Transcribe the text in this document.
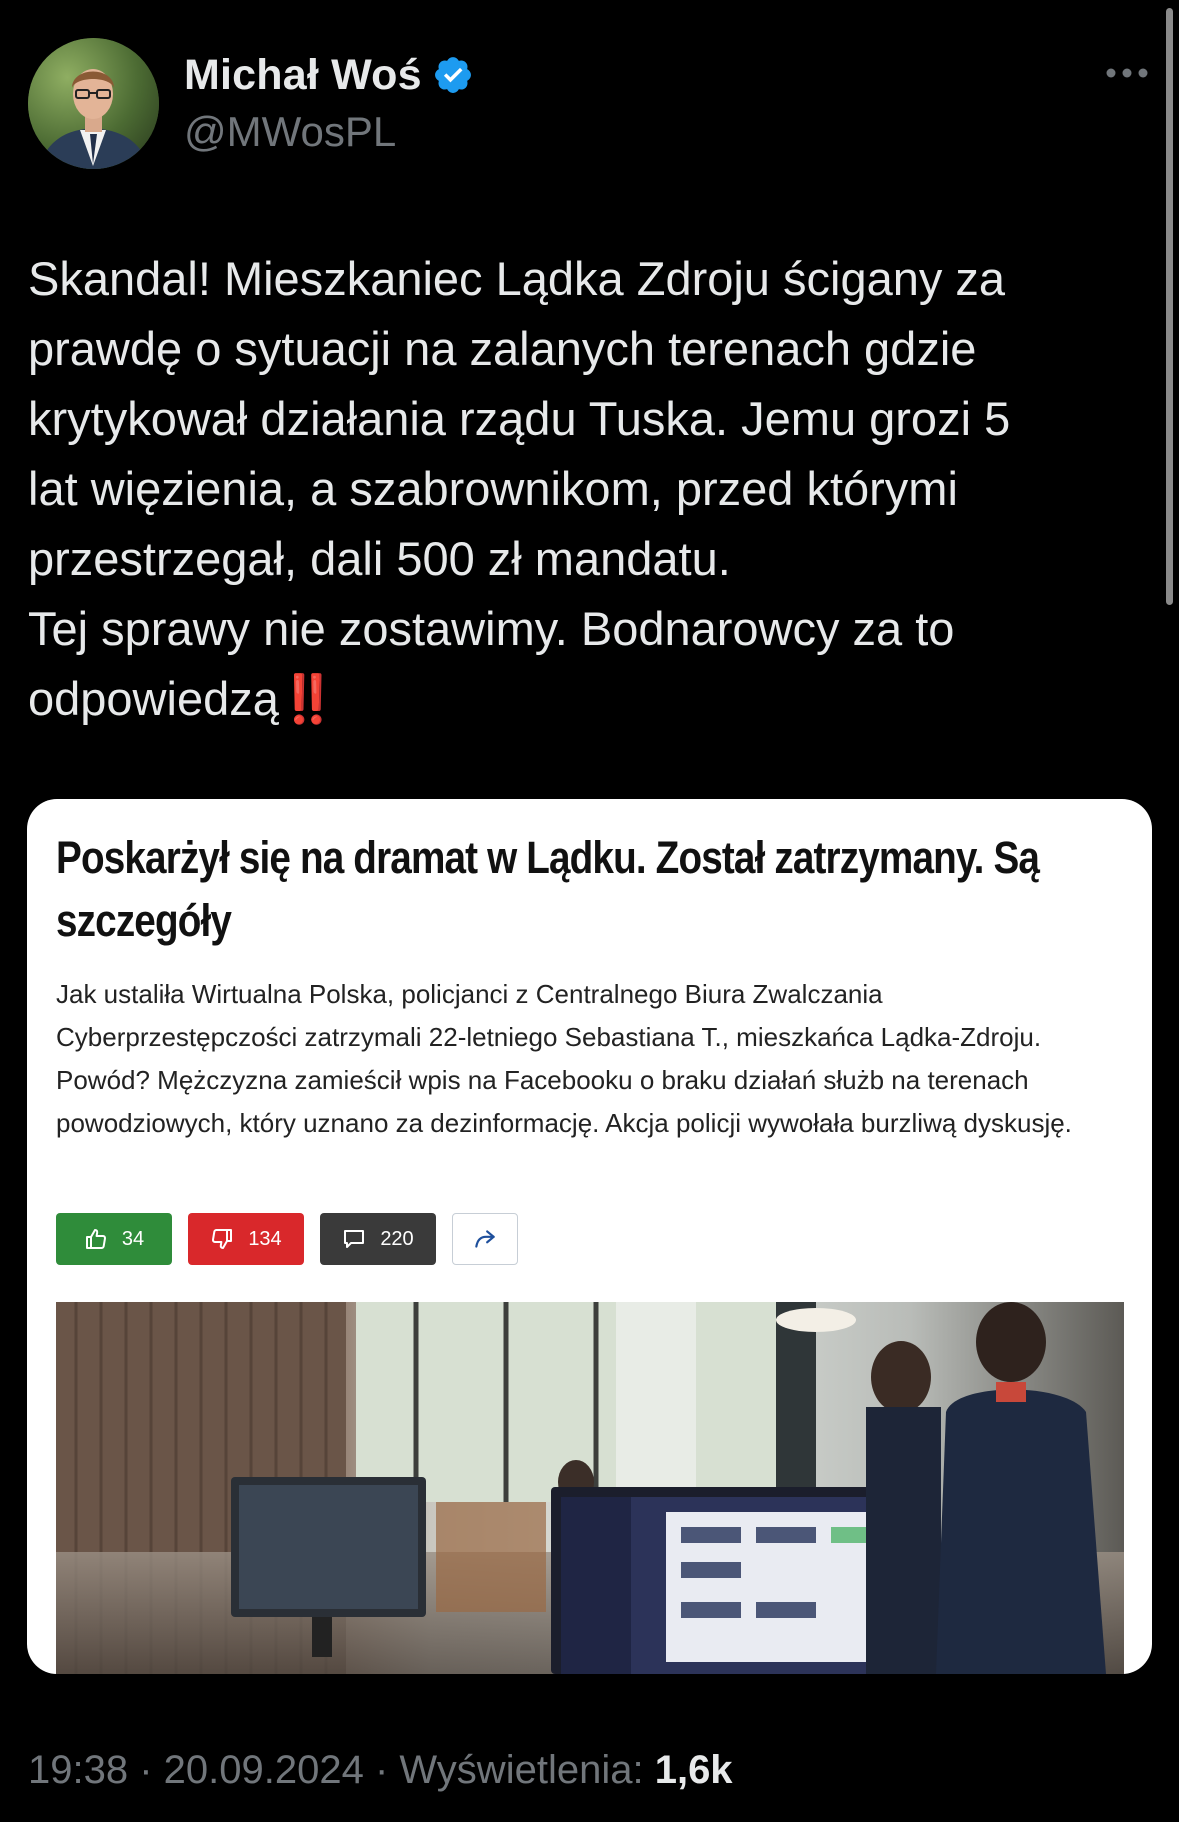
Michał Woś
@MWosPL
Skandal! Mieszkaniec Lądka Zdroju ścigany za
prawdę o sytuacji na zalanych terenach gdzie
krytykował działania rządu Tuska. Jemu grozi 5
lat więzienia, a szabrownikom, przed którymi
przestrzegał, dali 500 zł mandatu.
Tej sprawy nie zostawimy. Bodnarowcy za to
odpowiedzą‼️
Poskarżył się na dramat w Lądku. Został zatrzymany. Są szczegóły
Jak ustaliła Wirtualna Polska, policjanci z Centralnego Biura Zwalczania Cyberprzestępczości zatrzymali 22-letniego Sebastiana T., mieszkańca Lądka-Zdroju. Powód? Mężczyzna zamieścił wpis na Facebooku o braku działań służb na terenach powodziowych, który uznano za dezinformację. Akcja policji wywołała burzliwą dyskusję.
34	134	220
19:38 · 20.09.2024 · Wyświetlenia: 1,6k
